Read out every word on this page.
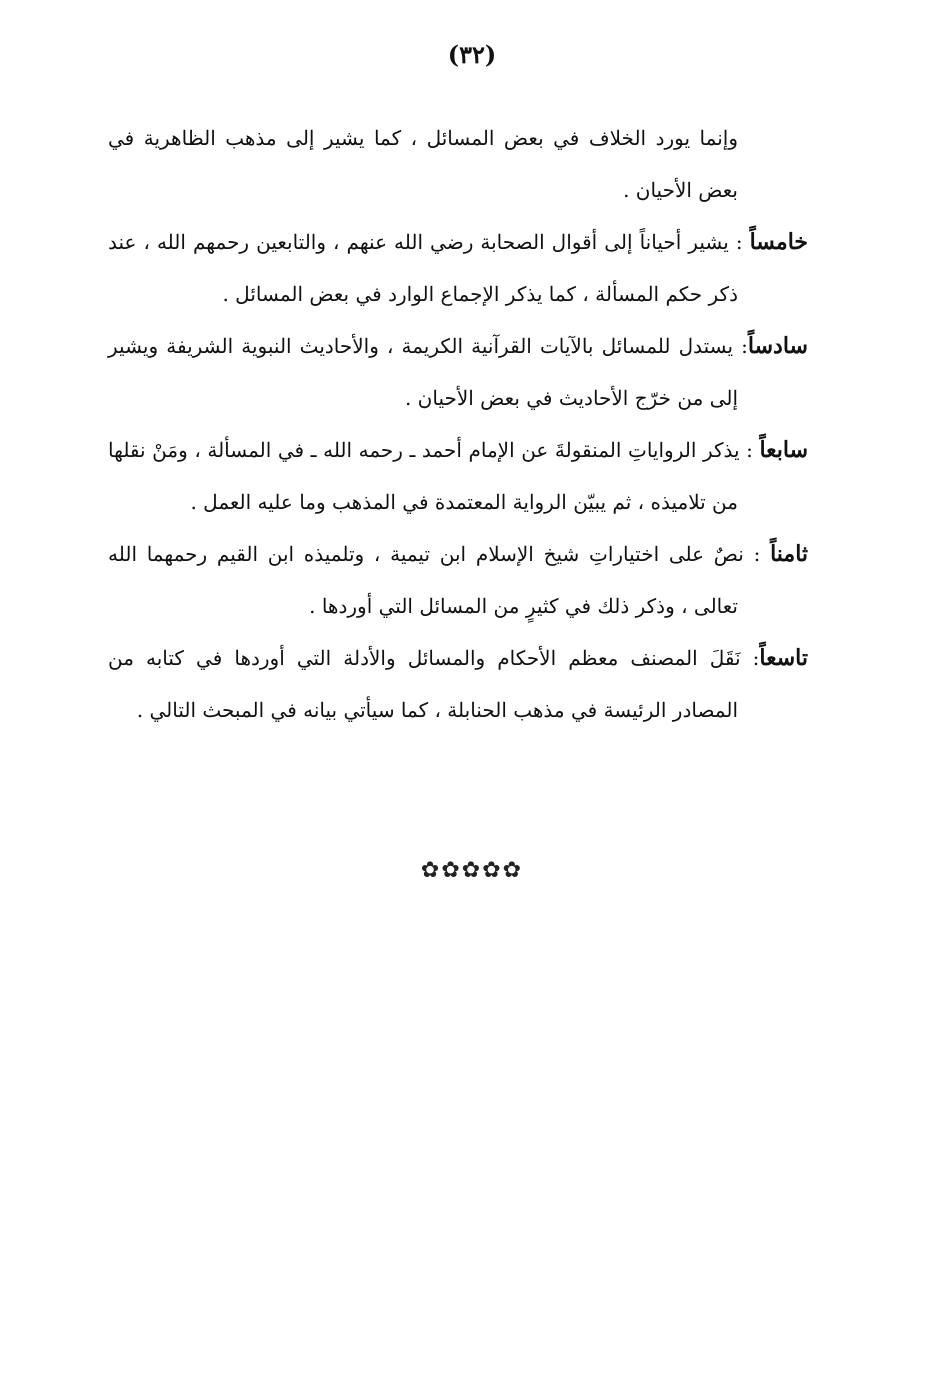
(٣٢)

وإنما يورد الخلاف في بعض المسائل ، كما يشير إلى مذهب الظاهرية في بعض الأحيان .

خامساً : يشير أحياناً إلى أقوال الصحابة رضي الله عنهم ، والتابعين رحمهم الله ، عند ذكر حكم المسألة ، كما يذكر الإجماع الوارد في بعض المسائل .

سادساً: يستدل للمسائل بالآيات القرآنية الكريمة ، والأحاديث النبوية الشريفة ويشير إلى من خرّج الأحاديث في بعض الأحيان .

سابعاً : يذكر الرواياتِ المنقولةَ عن الإمام أحمد ـ رحمه الله ـ في المسألة ، ومَنْ نقلها من تلاميذه ، ثم يبيّن الرواية المعتمدة في المذهب وما عليه العمل .

ثامناً : نصٌ على اختياراتِ شيخ الإسلام ابن تيمية ، وتلميذه ابن القيم رحمهما الله تعالى ، وذكر ذلك في كثيرٍ من المسائل التي أوردها .

تاسعاً: نَقَلَ المصنف معظم الأحكام والمسائل والأدلة التي أوردها في كتابه من المصادر الرئيسة في مذهب الحنابلة ، كما سيأتي بيانه في المبحث التالي .

✿✿✿✿✿
